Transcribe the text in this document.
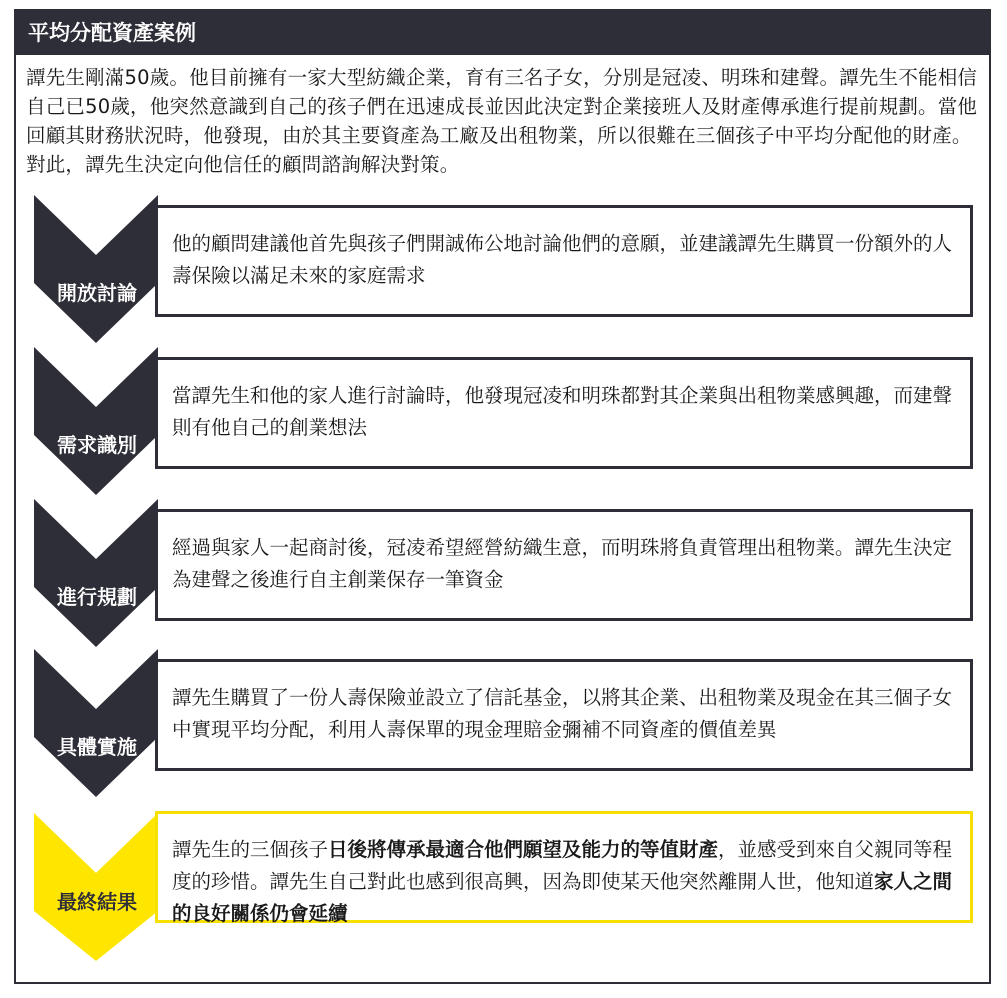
平均分配資產案例
譚先生剛滿50歲。他目前擁有一家大型紡織企業，育有三名子女，分別是冠凌、明珠和建聲。譚先生不能相信自己已50歲，他突然意識到自己的孩子們在迅速成長並因此決定對企業接班人及財產傳承進行提前規劃。當他回顧其財務狀況時，他發現，由於其主要資產為工廠及出租物業，所以很難在三個孩子中平均分配他的財產。對此，譚先生決定向他信任的顧問諮詢解決對策。
開放討論
他的顧問建議他首先與孩子們開誠佈公地討論他們的意願，並建議譚先生購買一份額外的人壽保險以滿足未來的家庭需求
需求識別
當譚先生和他的家人進行討論時，他發現冠凌和明珠都對其企業與出租物業感興趣，而建聲則有他自己的創業想法
進行規劃
經過與家人一起商討後，冠凌希望經營紡織生意，而明珠將負責管理出租物業。譚先生決定為建聲之後進行自主創業保存一筆資金
具體實施
譚先生購買了一份人壽保險並設立了信託基金，以將其企業、出租物業及現金在其三個子女中實現平均分配，利用人壽保單的現金理賠金彌補不同資產的價值差異
最終結果
譚先生的三個孩子日後將傳承最適合他們願望及能力的等值財產，並感受到來自父親同等程度的珍惜。譚先生自己對此也感到很高興，因為即使某天他突然離開人世，他知道家人之間的良好關係仍會延續
